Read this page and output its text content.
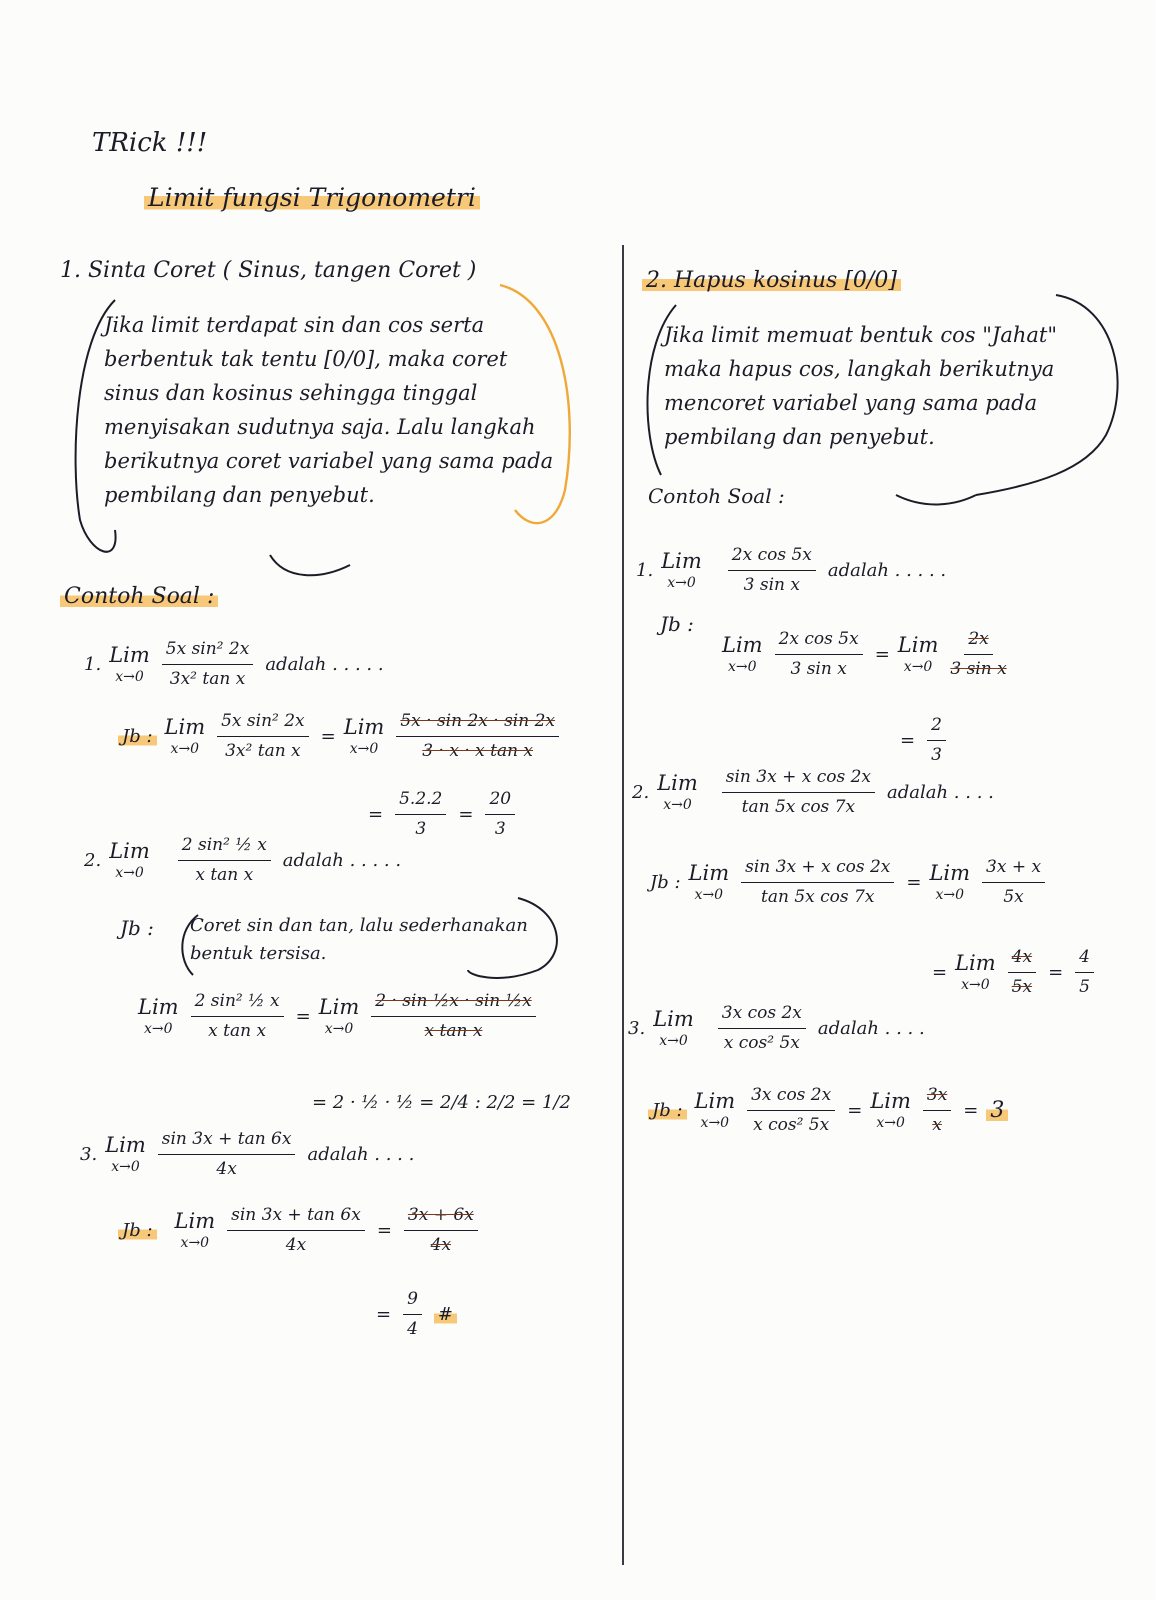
TRick !!!
Limit fungsi Trigonometri
1. Sinta Coret ( Sinus, tangen Coret )
Jika limit terdapat sin dan cos serta berbentuk tak tentu [0/0], maka coret sinus dan kosinus sehingga tinggal menyisakan sudutnya saja. Lalu langkah berikutnya coret variabel yang sama pada pembilang dan penyebut.
Contoh Soal :
1. Lim
$x\to 0 \frac{\text{5x sin² 2x}}{\text{3x² tan x}}$ adalah . . . . .
Jb : Lim
$x\to 0 \frac{\text{5x sin² 2x}}{\text{3x² tan x}}$ = Lim
$x\to 0 \frac{5x \cdot \sin 2x \cdot \sin 2x}{\text{3 · x · x tan x}}$
= $\frac{5.2.2}{3} = \frac{20}{3}$
2. Lim
$x\to 0 \frac{\text{2 sin² ½ x}}{\text{x tan x}}$ adalah . . . . .
Jb : Coret sin dan tan, lalu sederhanakan bentuk tersisa.
Lim
$x\to 0 \frac{\text{2 sin² ½ x}}{\text{x tan x}}$ = Lim
$x\to 0 \frac{\text{2 · sin ½x · sin ½x}}{\text{x tan x}}$
= 2 · ½ · ½ = 2/4 : 2/2 = 1/2
3. Lim
$x\to 0 \frac{\sin 3x + \tan 6x}{4x}$ adalah . . . .
Jb : Lim
$x\to 0 \frac{\sin 3x + \tan 6x}{4x} = \frac{3x + 6x}{4x}$
= $\frac{9}{4}$ #
2. Hapus kosinus [0/0]
Jika limit memuat bentuk cos "Jahat" maka hapus cos, langkah berikutnya mencoret variabel yang sama pada pembilang dan penyebut.
Contoh Soal :
1. Lim
$x\to 0 \frac{\text{2x cos 5x}}{\text{3 sin x}}$ adalah . . . . .
Jb :
Lim
$x\to 0 \frac{\text{2x cos 5x}}{\text{3 sin x}}$ = Lim
$x\to 0 \frac{2x}{\text{3 sin x}}$
= $\frac{2}{3}$
2. Lim
$x\to 0 \frac{\text{sin 3x + x cos 2x}}{\text{tan 5x cos 7x}}$ adalah . . . .
Jb : Lim
$x\to 0 \frac{\text{sin 3x + x cos 2x}}{\text{tan 5x cos 7x}}$ = Lim
$x\to 0 \frac{3x + x}{5x}$
= Lim
$x\to 0 \frac{4x}{5x} = \frac{4}{5}$
3. Lim
$x\to 0 \frac{\text{3x cos 2x}}{\text{x cos² 5x}}$ adalah . . . .
Jb : Lim
$x\to 0 \frac{\text{3x cos 2x}}{\text{x cos² 5x}}$ = Lim
$x\to 0 \frac{3x}{x} = 3$
